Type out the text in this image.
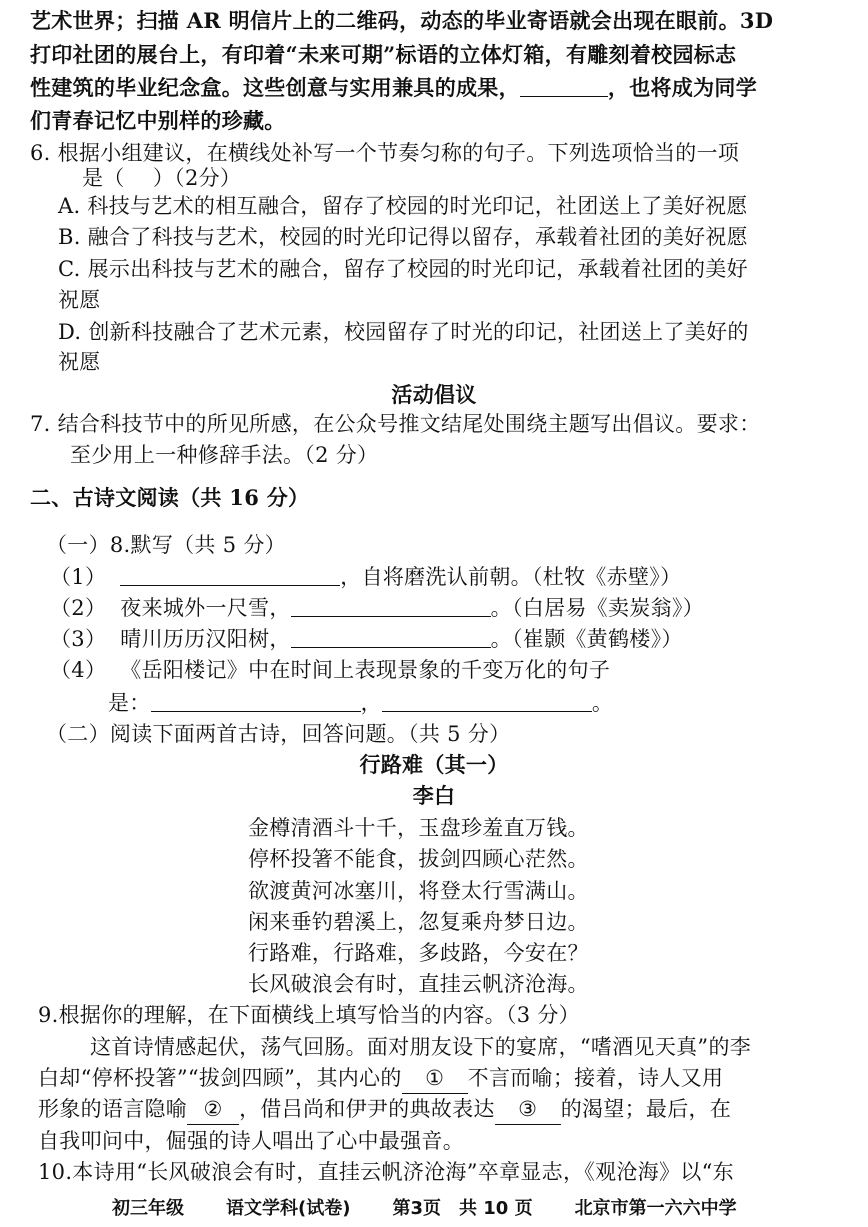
艺术世界；扫描 AR 明信片上的二维码，动态的毕业寄语就会出现在眼前。3D
打印社团的展台上，有印着“未来可期”标语的立体灯箱，有雕刻着校园标志
性建筑的毕业纪念盒。这些创意与实用兼具的成果，	，也将成为同学
们青春记忆中别样的珍藏。
6. 根据小组建议，在横线处补写一个节奏匀称的句子。下列选项恰当的一项
是（　 ）（2分）
A. 科技与艺术的相互融合，留存了校园的时光印记，社团送上了美好祝愿
B. 融合了科技与艺术，校园的时光印记得以留存，承载着社团的美好祝愿
C. 展示出科技与艺术的融合，留存了校园的时光印记，承载着社团的美好
祝愿
D. 创新科技融合了艺术元素，校园留存了时光的印记，社团送上了美好的
祝愿
活动倡议
7. 结合科技节中的所见所感，在公众号推文结尾处围绕主题写出倡议。要求：
至少用上一种修辞手法。（2 分）
二、古诗文阅读（共 16 分）
（一）8.默写（共 5 分）
（1）	，自将磨洗认前朝。（杜牧《赤壁》）
（2） 夜来城外一尺雪，	。（白居易《卖炭翁》）
（3） 晴川历历汉阳树，	。（崔颢《黄鹤楼》）
（4） 《岳阳楼记》中在时间上表现景象的千变万化的句子
是：	，	。
（二）阅读下面两首古诗，回答问题。（共 5 分）
行路难（其一）
李白
金樽清酒斗十千，玉盘珍羞直万钱。
停杯投箸不能食，拔剑四顾心茫然。
欲渡黄河冰塞川，将登太行雪满山。
闲来垂钓碧溪上，忽复乘舟梦日边。
行路难，行路难，多歧路，今安在？
长风破浪会有时，直挂云帆济沧海。
9.根据你的理解，在下面横线上填写恰当的内容。（3 分）
这首诗情感起伏，荡气回肠。面对朋友设下的宴席，“嗜酒见天真”的李
白却“停杯投箸”“拔剑四顾”，其内心的 ① 不言而喻；接着，诗人又用
形象的语言隐喻 ② ，借吕尚和伊尹的典故表达 ③ 的渴望；最后，在
自我叩问中，倔强的诗人唱出了心中最强音。
10.本诗用“长风破浪会有时，直挂云帆济沧海”卒章显志，《观沧海》以“东
初三年级 语文学科(试卷) 第3页 共 10 页 北京市第一六六中学
